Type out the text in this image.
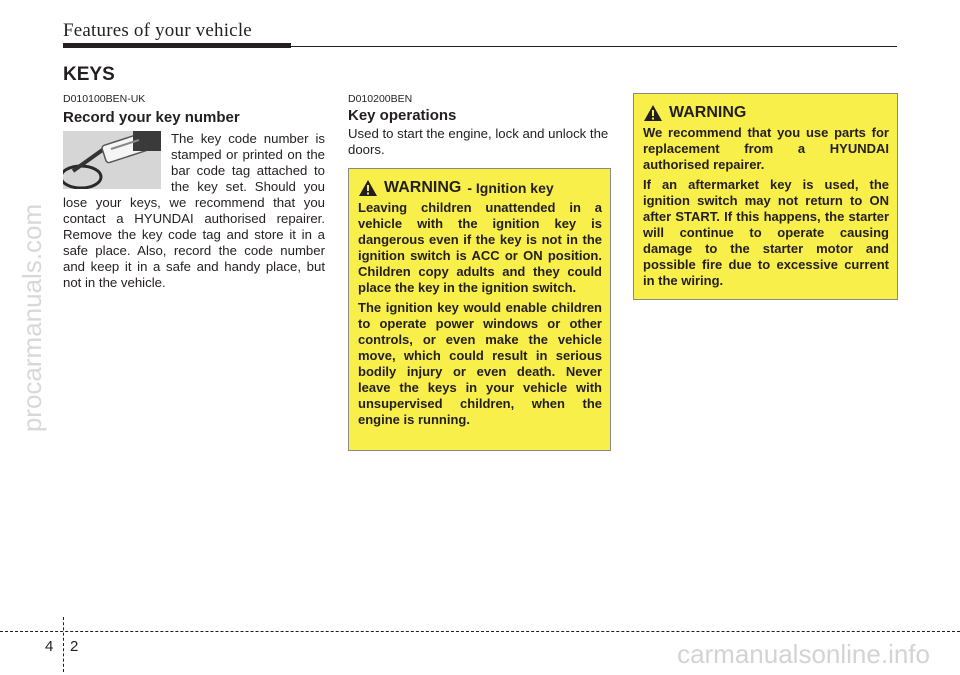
Features of your vehicle
KEYS
D010100BEN-UK
Record your key number
The key code number is stamped or printed on the bar code tag attached to the key set. Should you lose your keys, we recommend that you contact a HYUNDAI authorised repairer. Remove the key code tag and store it in a safe place. Also, record the code number and keep it in a safe and handy place, but not in the vehicle.
D010200BEN
Key operations

Used to start the engine, lock and unlock the doors.

WARNING - Ignition key

Leaving children unattended in a vehicle with the ignition key is dangerous even if the key is not in the ignition switch is ACC or ON position. Children copy adults and they could place the key in the ignition switch.

The ignition key would enable children to operate power windows or other controls, or even make the vehicle move, which could result in serious bodily injury or even death. Never leave the keys in your vehicle with unsupervised children, when the engine is running.

WARNING

We recommend that you use parts for replacement from a HYUNDAI authorised repairer.

If an aftermarket key is used, the ignition switch may not return to ON after START. If this happens, the starter will continue to operate causing damage to the starter motor and possible fire due to excessive current in the wiring.

procarmanuals.com
4 2	carmanualsonline.info
